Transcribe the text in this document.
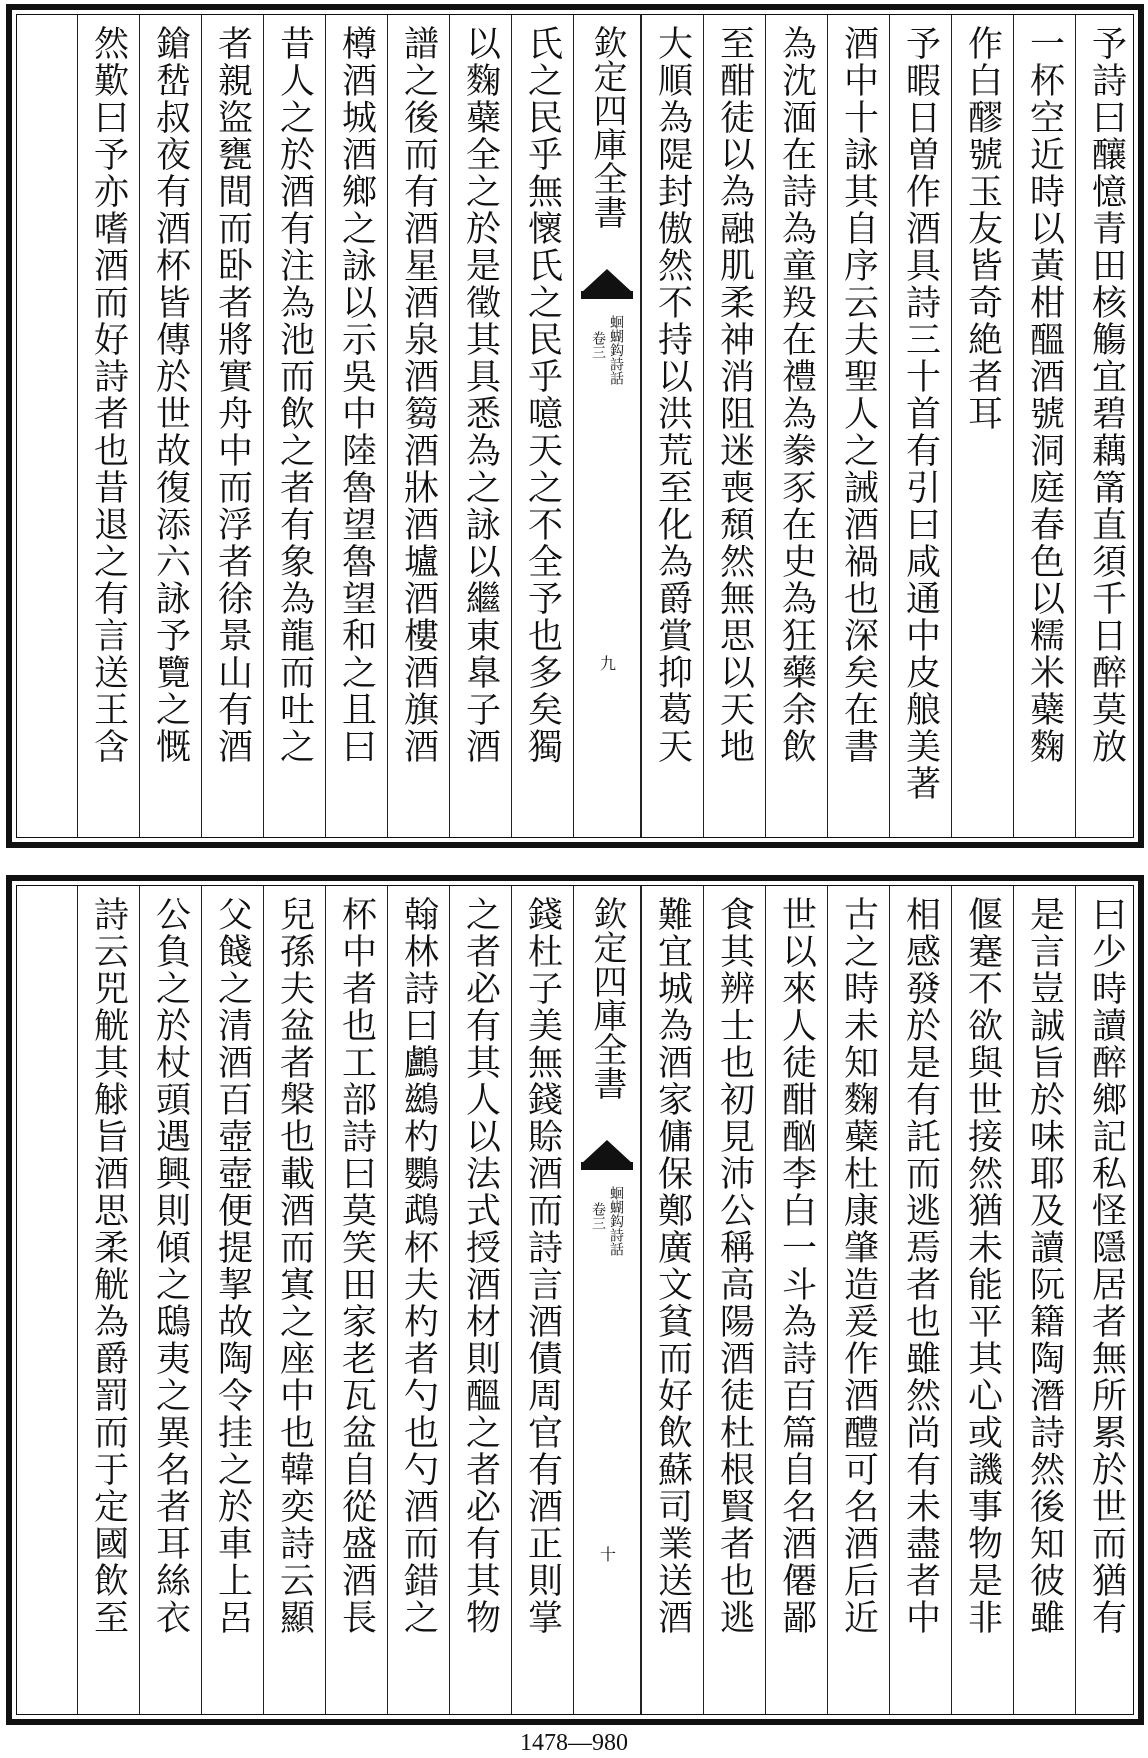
予詩曰釀憶青田核觴宜碧藕筩直須千日醉莫放
一杯空近時以黃柑醞酒號洞庭春色以糯米蘗麴
作白醪號玉友皆奇絶者耳
予暇日曽作酒具詩三十首有引曰咸通中皮艆美著
酒中十詠其自序云夫聖人之誡酒禍也深矣在書
為沈湎在詩為童羖在禮為豢豕在史為狂藥余飲
至酣徒以為融肌柔神消阻迷喪頹然無思以天地
大順為隄封傲然不持以洪荒至化為爵賞抑葛天
欽定四庫全書
蛔蝴鈎詩話
卷三
九
氏之民乎無懷氏之民乎噫天之不全予也多矣獨
以麴蘗全之於是徵其具悉為之詠以繼東臯子酒
譜之後而有酒星酒泉酒篘酒牀酒壚酒樓酒旗酒
樽酒城酒鄉之詠以示吳中陸魯望魯望和之且曰
昔人之於酒有注為池而飲之者有象為龍而吐之
者親盜甕間而卧者將實舟中而浮者徐景山有酒
鎗嵆叔夜有酒杯皆傳於世故復添六詠予覽之慨
然歎曰予亦嗜酒而好詩者也昔退之有言送王含
曰少時讀醉鄉記私怪隱居者無所累於世而猶有
是言豈誠旨於味耶及讀阮籍陶潛詩然後知彼雖
偃蹇不欲與世接然猶未能平其心或譏事物是非
相感發於是有託而逃焉者也雖然尚有未盡者中
古之時未知麴蘗杜康肇造爰作酒醴可名酒后近
世以來人徒酣酗李白一斗為詩百篇自名酒僊鄙
食其辨士也初見沛公稱高陽酒徒杜根賢者也逃
難宜城為酒家傭保鄭廣文貧而好飲蘇司業送酒
欽定四庫全書
蛔蝴鈎詩話
卷三
十
錢杜子美無錢賒酒而詩言酒債周官有酒正則掌
之者必有其人以法式授酒材則醞之者必有其物
翰林詩曰鸕鷀杓鸚鵡杯夫杓者勺也勺酒而錯之
杯中者也工部詩曰莫笑田家老瓦盆自從盛酒長
兒孫夫盆者槃也載酒而寘之座中也韓奕詩云顯
父餞之清酒百壺壺便提挈故陶令挂之於車上呂
公負之於杖頭遇興則傾之鴟夷之異名者耳絲衣
詩云兕觥其觩旨酒思柔觥為爵罰而于定國飲至
1478—980
